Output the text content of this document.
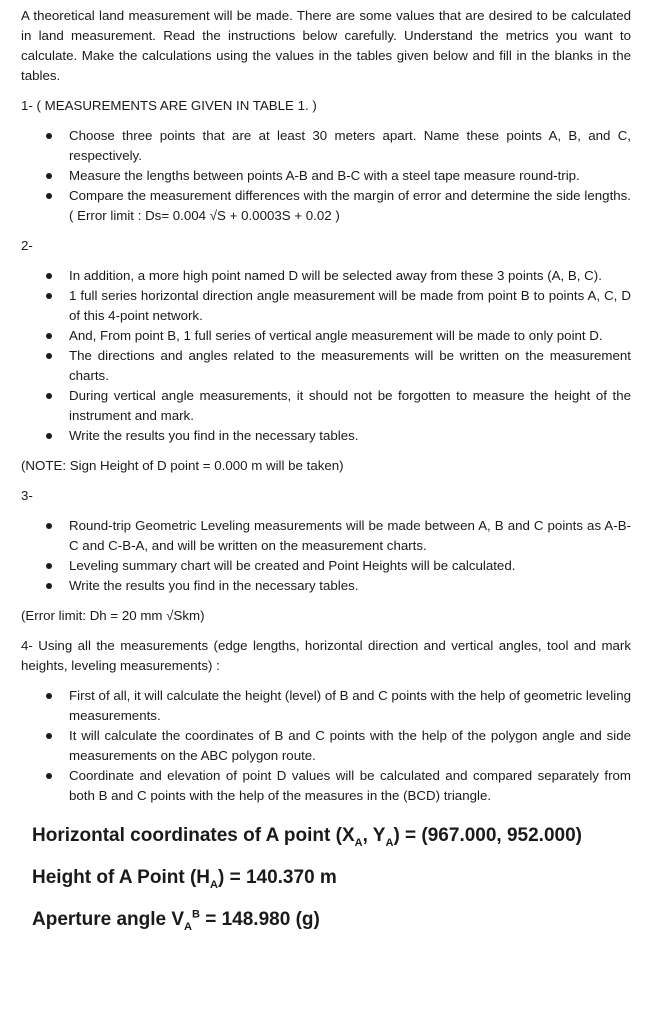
A theoretical land measurement will be made. There are some values that are desired to be calculated in land measurement. Read the instructions below carefully. Understand the metrics you want to calculate. Make the calculations using the values in the tables given below and fill in the blanks in the tables.

1- ( MEASUREMENTS ARE GIVEN IN TABLE 1. )

Choose three points that are at least 30 meters apart. Name these points A, B, and C, respectively.
Measure the lengths between points A-B and B-C with a steel tape measure round-trip.
Compare the measurement differences with the margin of error and determine the side lengths. ( Error limit : Ds= 0.004 √S + 0.0003S + 0.02 )

2-

In addition, a more high point named D will be selected away from these 3 points (A, B, C).
1 full series horizontal direction angle measurement will be made from point B to points A, C, D of this 4-point network.
And, From point B, 1 full series of vertical angle measurement will be made to only point D.
The directions and angles related to the measurements will be written on the measurement charts.
During vertical angle measurements, it should not be forgotten to measure the height of the instrument and mark.
Write the results you find in the necessary tables.

(NOTE: Sign Height of D point = 0.000 m will be taken)

3-

Round-trip Geometric Leveling measurements will be made between A, B and C points as A-B-C and C-B-A, and will be written on the measurement charts.
Leveling summary chart will be created and Point Heights will be calculated.
Write the results you find in the necessary tables.

(Error limit: Dh = 20 mm √Skm)

4- Using all the measurements (edge lengths, horizontal direction and vertical angles, tool and mark heights, leveling measurements) :

First of all, it will calculate the height (level) of B and C points with the help of geometric leveling measurements.
It will calculate the coordinates of B and C points with the help of the polygon angle and side measurements on the ABC polygon route.
Coordinate and elevation of point D values will be calculated and compared separately from both B and C points with the help of the measures in the (BCD) triangle.

Horizontal coordinates of A point ($X_A$, $Y_A) = (967.000$, 952.000)

Height of A Point $(H_A) = 140.370$ m

Aperture angle $V_A^B = 148.980$ (g)
